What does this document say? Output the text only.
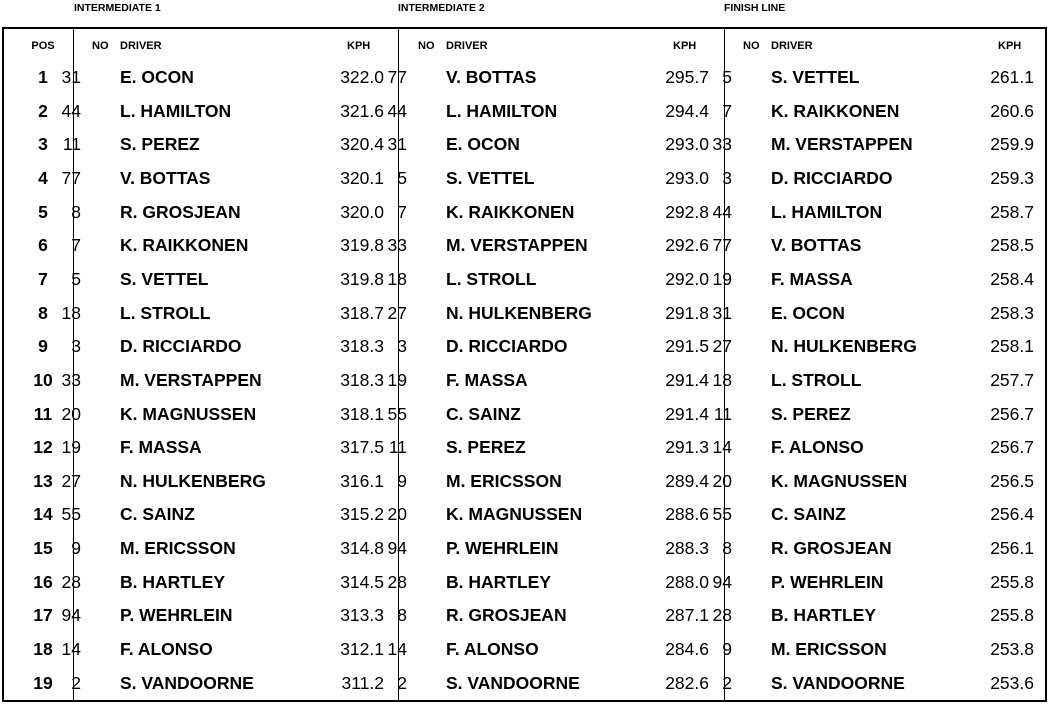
INTERMEDIATE 1	INTERMEDIATE 2	FINISH LINE
POS	NO DRIVER	KPH	NO DRIVER	KPH	NO DRIVER	KPH
1 31 E. OCON	322.0 77 V. BOTTAS	295.7 5 S. VETTEL	261.1
2 44 L. HAMILTON	321.6 44 L. HAMILTON	294.4 7 K. RAIKKONEN	260.6
3 11 S. PEREZ	320.4 31 E. OCON	293.0 33 M. VERSTAPPEN	259.9
4 77 V. BOTTAS	320.1 5 S. VETTEL	293.0 3 D. RICCIARDO	259.3
5	8 R. GROSJEAN	320.0 7 K. RAIKKONEN	292.8 44 L. HAMILTON	258.7
6	7 K. RAIKKONEN	319.8 33 M. VERSTAPPEN	292.6 77 V. BOTTAS	258.5
7	5 S. VETTEL	319.8 18 L. STROLL	292.0 19 F. MASSA	258.4
8 18 L. STROLL	318.7 27 N. HULKENBERG	291.8 31 E. OCON	258.3
9	3 D. RICCIARDO	318.3 3 D. RICCIARDO	291.5 27 N. HULKENBERG	258.1
10 33 M. VERSTAPPEN	318.3 19 F. MASSA	291.4 18 L. STROLL	257.7
11 20 K. MAGNUSSEN	318.1 55 C. SAINZ	291.4 11 S. PEREZ	256.7
12 19 F. MASSA	317.5 11 S. PEREZ	291.3 14 F. ALONSO	256.7
13 27 N. HULKENBERG	316.1 9 M. ERICSSON	289.4 20 K. MAGNUSSEN	256.5
14 55 C. SAINZ	315.2 20 K. MAGNUSSEN	288.6 55 C. SAINZ	256.4
15	9 M. ERICSSON	314.8 94 P. WEHRLEIN	288.3 8 R. GROSJEAN	256.1
16 28 B. HARTLEY	314.5 28 B. HARTLEY	288.0 94 P. WEHRLEIN	255.8
17 94 P. WEHRLEIN	313.3 8 R. GROSJEAN	287.1 28 B. HARTLEY	255.8
18 14 F. ALONSO	312.1 14 F. ALONSO	284.6 9 M. ERICSSON	253.8
19	2 S. VANDOORNE	311.2 2 S. VANDOORNE	282.6 2 S. VANDOORNE	253.6
